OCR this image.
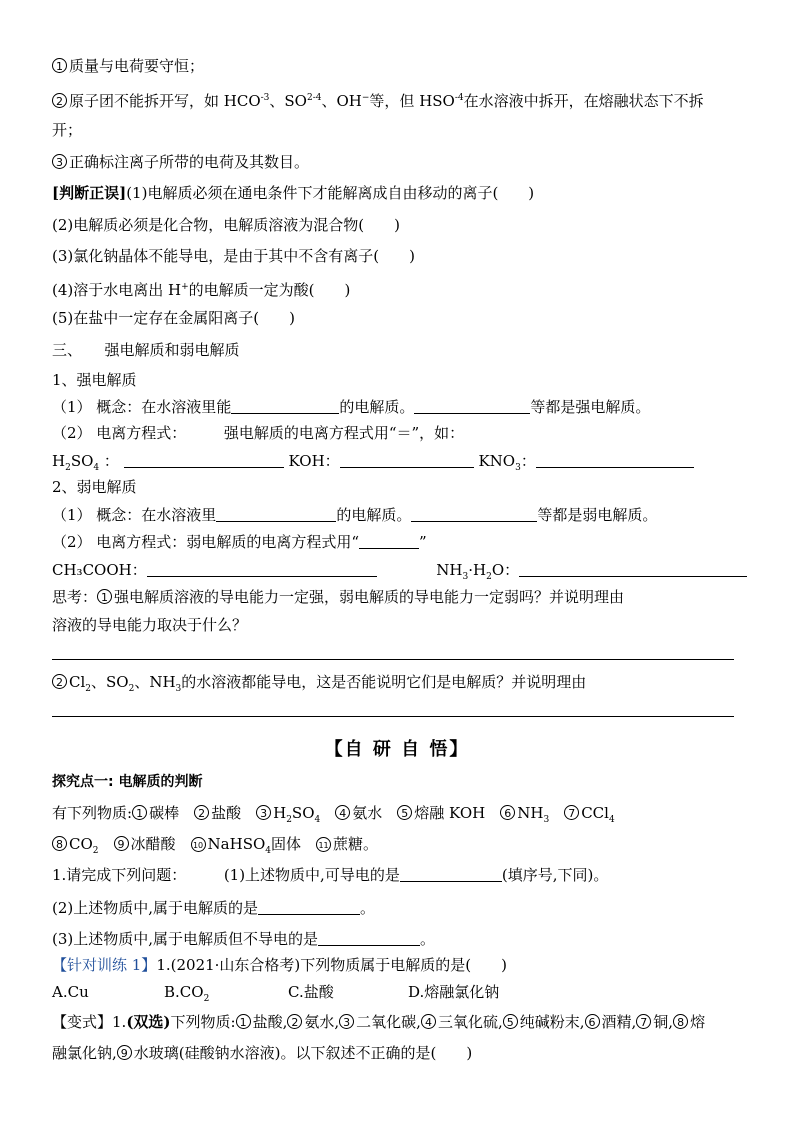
1 质量与电荷要守恒；
2 原子团不能拆开写，如 $HCO^{-3}$、SO$^{2-4}$、OH−等，但 $HSO^{-4}$在水溶液中拆开，在熔融状态下不拆
开；
3 正确标注离子所带的电荷及其数目。
[判断正误](1)电解质必须在通电条件下才能解离成自由移动的离子(　　)
(2)电解质必须是化合物，电解质溶液为混合物(　　)
(3)氯化钠晶体不能导电，是由于其中不含有离子(　　)
(4)溶于水电离出 H+的电解质一定为酸(　　)
(5)在盐中一定存在金属阳离子(　　)
三、　　强电解质和弱电解质
1、强电解质
（1） 概念：在水溶液里能	的电解质。	等都是强电解质。
（2） 电离方程式：　　　强电解质的电离方程式用“＝”，如：
$H_2SO_4$ ：	KOH：	$KNO_3$：
2、弱电解质
（1） 概念：在水溶液里	的电解质。	等都是弱电解质。
（2） 电离方程式：弱电解质的电离方程式用“	”
CH₃COOH：	$NH_3\cdot H_2O$：
思考： 1 强电解质溶液的导电能力一定强，弱电解质的导电能力一定弱吗？并说明理由
溶液的导电能力取决于什么？
2 $Cl_2$、$SO_2$、$NH_3$的水溶液都能导电，这是否能说明它们是电解质？并说明理由
【自 研 自 悟】
探究点一: 电解质的判断
有下列物质: 1 碳棒　2 盐酸　3 $H_2SO_4$　 4 氨水　5 熔融 KOH　6 $NH_3$　 7 CCl$_4$
8 $CO_2$　 9 冰醋酸　10 NaHSO$_4$固体　11 蔗糖。
1.请完成下列问题：　　　(1)上述物质中,可导电的是	(填序号,下同)。
(2)上述物质中,属于电解质的是	。
(3)上述物质中,属于电解质但不导电的是	。
【针对训练 1】1.(2021·山东合格考)下列物质属于电解质的是(　　)
A.Cu	$B.CO_2$	C.盐酸	D.熔融氯化钠
【变式】1.(双选)下列物质: 1 盐酸, 2 氨水, 3 二氧化碳, 4 三氧化硫, 5 纯碱粉末, 6 酒精, 7 铜, 8 熔
融氯化钠, 9 水玻璃(硅酸钠水溶液)。以下叙述不正确的是(　　)
